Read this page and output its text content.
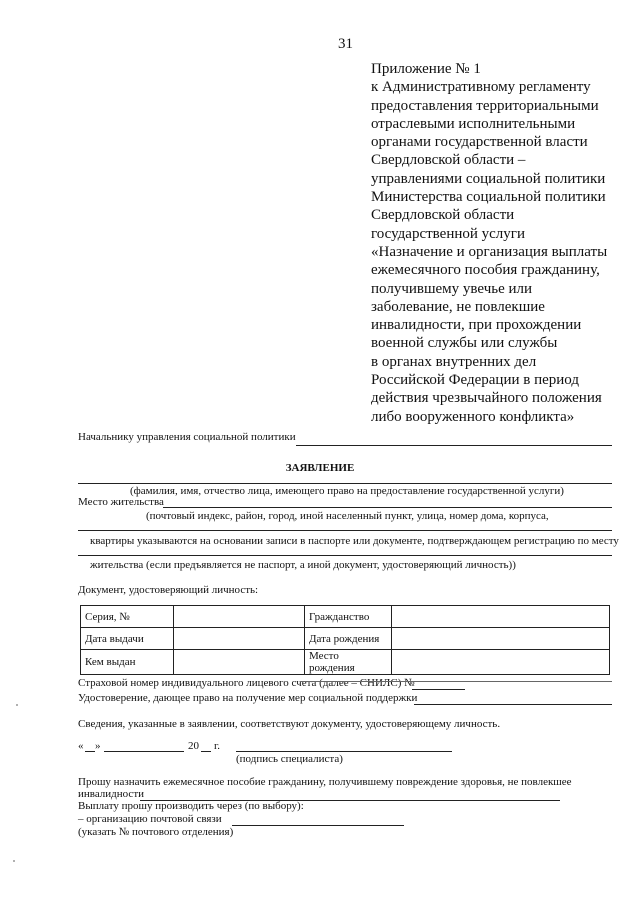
31
Приложение № 1
к Административному регламенту
предоставления территориальными
отраслевыми исполнительными
органами государственной власти
Свердловской области –
управлениями социальной политики
Министерства социальной политики
Свердловской области
государственной услуги
«Назначение и организация выплаты
ежемесячного пособия гражданину,
получившему увечье или
заболевание, не повлекшие
инвалидности, при прохождении
военной службы или службы
в органах внутренних дел
Российской Федерации в период
действия чрезвычайного положения
либо вооруженного конфликта»
Начальнику управления социальной политики
ЗАЯВЛЕНИЕ
(фамилия, имя, отчество лица, имеющего право на предоставление государственной услуги)
Место жительства
(почтовый индекс, район, город, иной населенный пункт, улица, номер дома, корпуса,
квартиры указываются на основании записи в паспорте или документе, подтверждающем регистрацию по месту
жительства (если предъявляется не паспорт, а иной документ, удостоверяющий личность))
Документ, удостоверяющий личность:
Серия, №		Гражданство	
Дата выдачи		Дата рождения	
Кем выдан		Место рождения	
Страховой номер индивидуального лицевого счета (далее – СНИЛС) №
Удостоверение, дающее право на получение мер социальной поддержки
Сведения, указанные в заявлении, соответствуют документу, удостоверяющему личность.
« »	20 г.
(подпись специалиста)
Прошу назначить ежемесячное пособие гражданину, получившему повреждение здоровья, не повлекшее
инвалидности
Выплату прошу производить через (по выбору):
– организацию почтовой связи
(указать № почтового отделения)
